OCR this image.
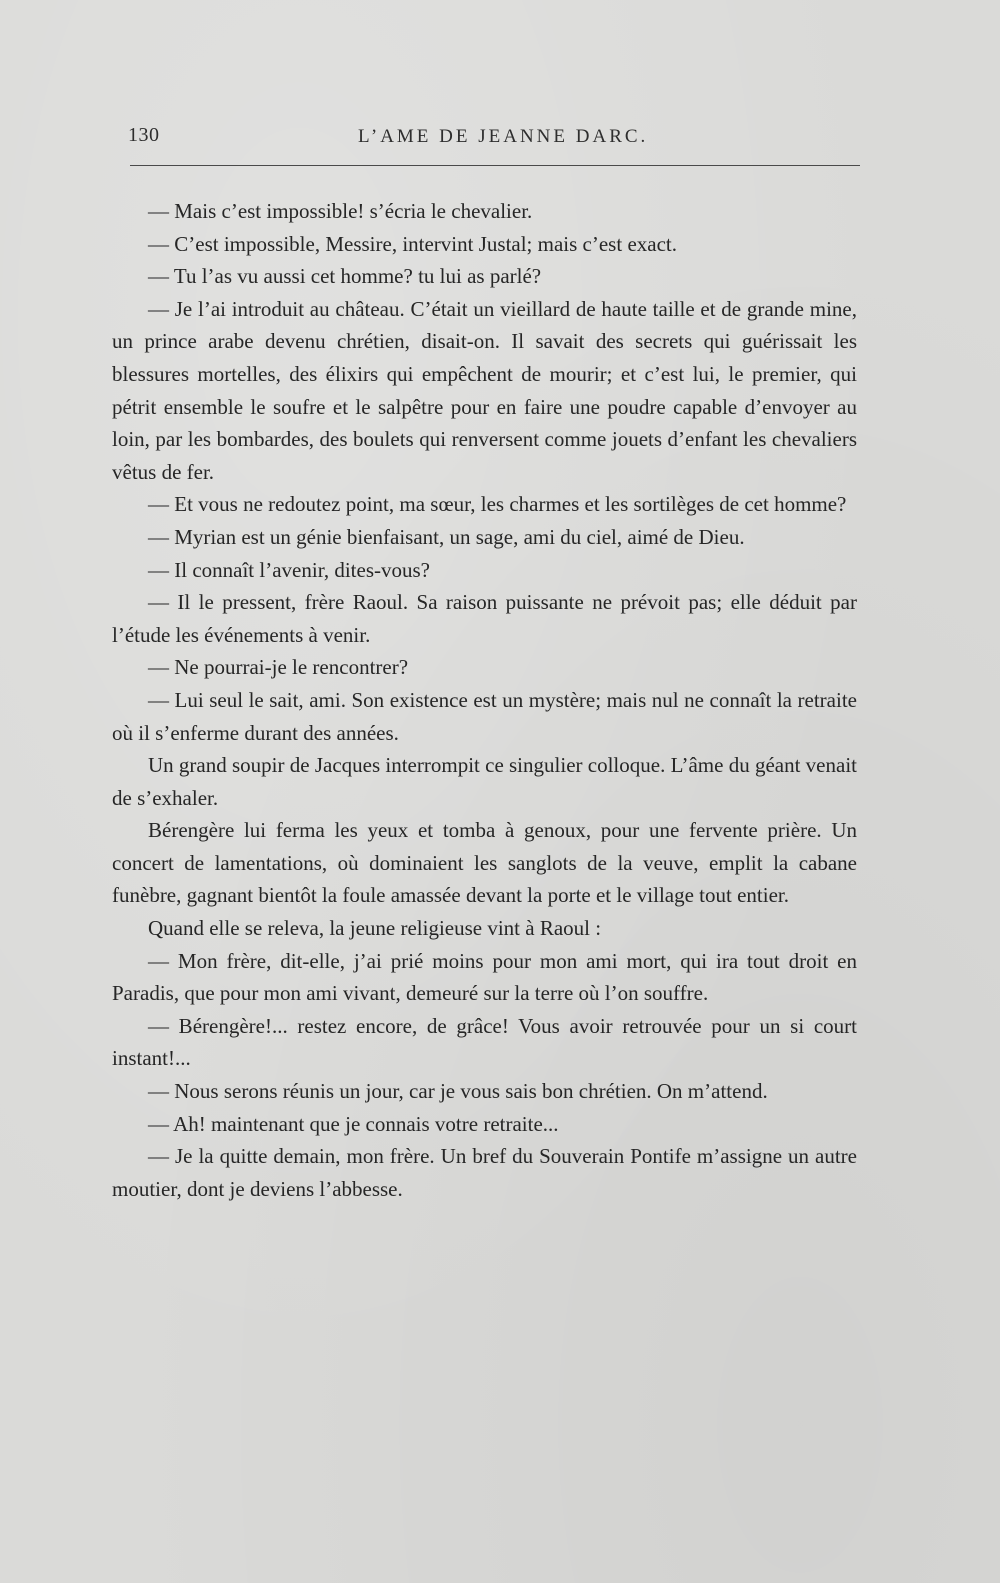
130	L’AME DE JEANNE DARC.

— Mais c’est impossible! s’écria le chevalier.

— C’est impossible, Messire, intervint Justal; mais c’est exact.

— Tu l’as vu aussi cet homme? tu lui as parlé?

— Je l’ai introduit au château. C’était un vieillard de haute taille et de grande mine, un prince arabe devenu chrétien, disait-on. Il savait des secrets qui guérissait les blessures mortelles, des élixirs qui empêchent de mourir; et c’est lui, le premier, qui pétrit ensemble le soufre et le salpêtre pour en faire une poudre capable d’envoyer au loin, par les bombardes, des boulets qui renversent comme jouets d’enfant les chevaliers vêtus de fer.

— Et vous ne redoutez point, ma sœur, les charmes et les sortilèges de cet homme?

— Myrian est un génie bienfaisant, un sage, ami du ciel, aimé de Dieu.

— Il connaît l’avenir, dites-vous?

— Il le pressent, frère Raoul. Sa raison puissante ne prévoit pas; elle déduit par l’étude les événements à venir.

— Ne pourrai-je le rencontrer?

— Lui seul le sait, ami. Son existence est un mystère; mais nul ne connaît la retraite où il s’enferme durant des années.

Un grand soupir de Jacques interrompit ce singulier colloque. L’âme du géant venait de s’exhaler.

Bérengère lui ferma les yeux et tomba à genoux, pour une fervente prière. Un concert de lamentations, où dominaient les sanglots de la veuve, emplit la cabane funèbre, gagnant bientôt la foule amassée devant la porte et le village tout entier.

Quand elle se releva, la jeune religieuse vint à Raoul :

— Mon frère, dit-elle, j’ai prié moins pour mon ami mort, qui ira tout droit en Paradis, que pour mon ami vivant, demeuré sur la terre où l’on souffre.

— Bérengère!... restez encore, de grâce! Vous avoir retrouvée pour un si court instant!...

— Nous serons réunis un jour, car je vous sais bon chrétien. On m’attend.

— Ah! maintenant que je connais votre retraite...

— Je la quitte demain, mon frère. Un bref du Souverain Pontife m’assigne un autre moutier, dont je deviens l’abbesse.
